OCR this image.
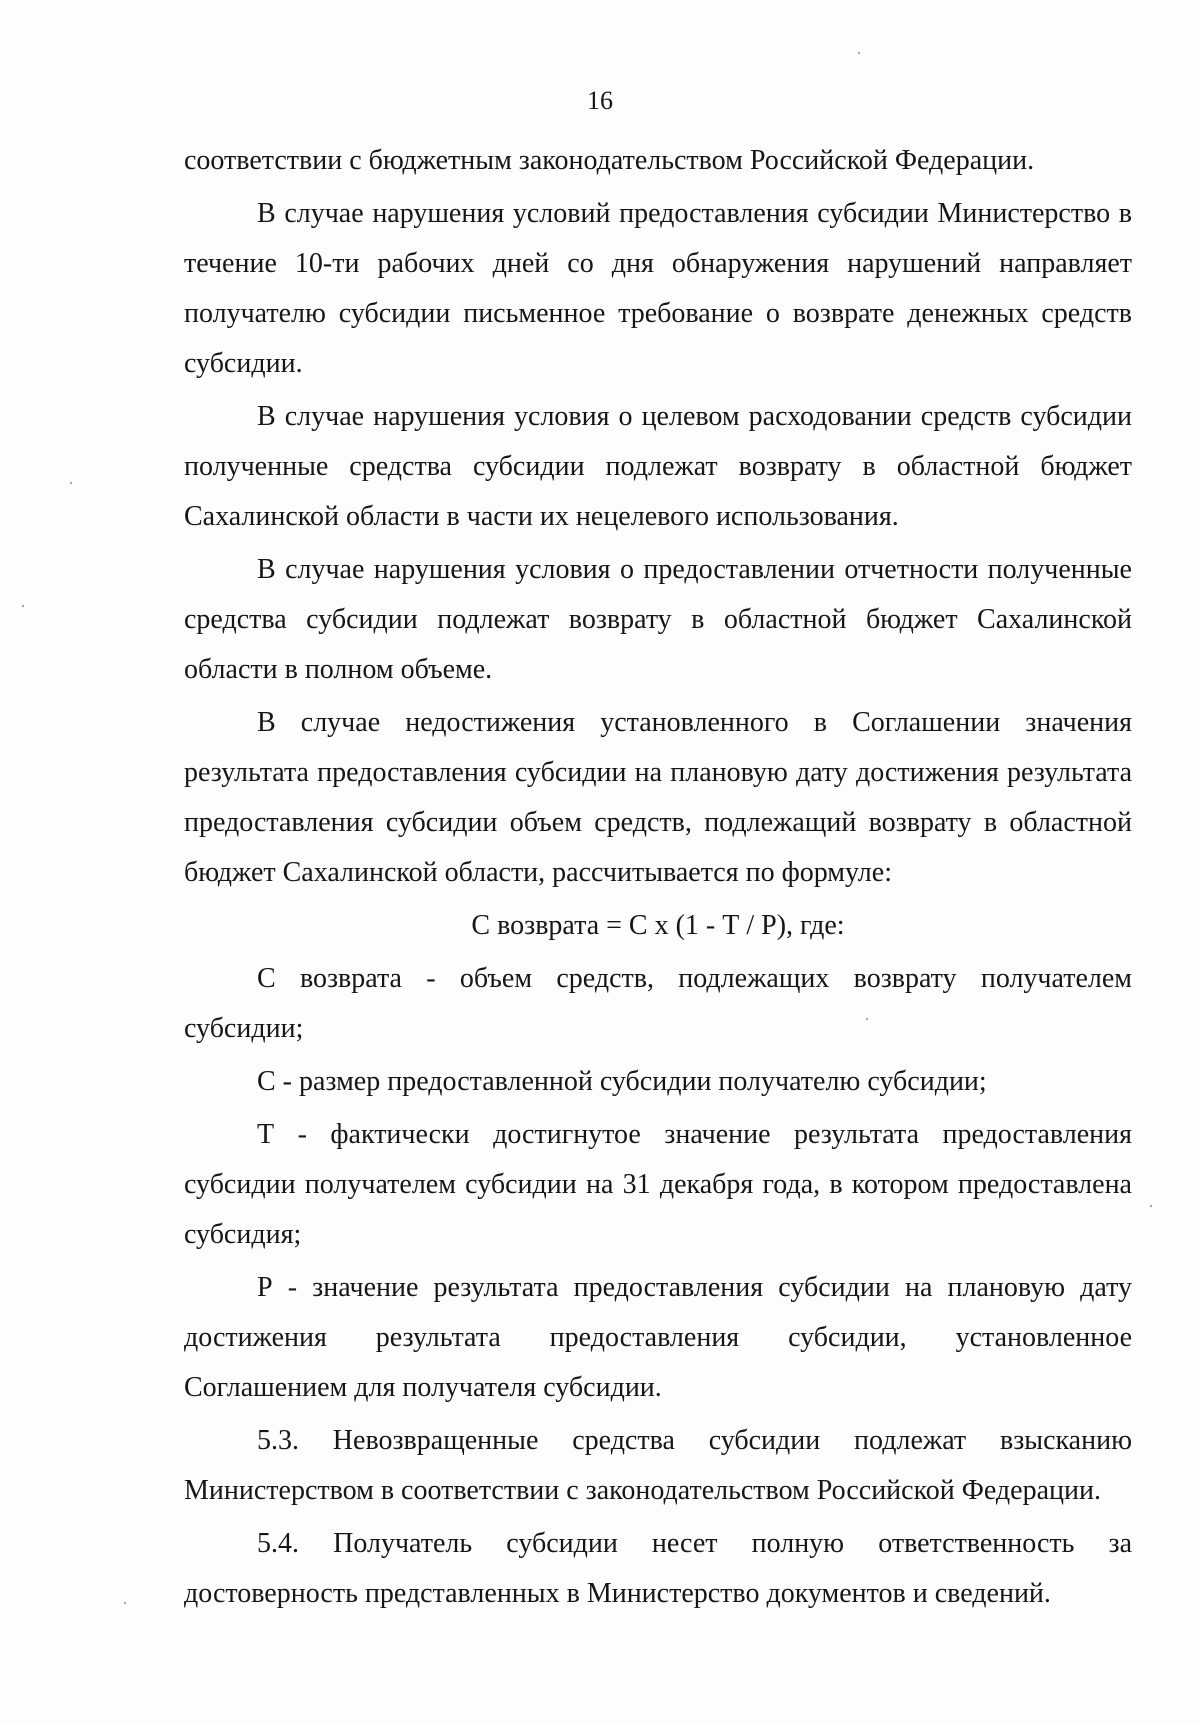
16

соответствии с бюджетным законодательством Российской Федерации.

В случае нарушения условий предоставления субсидии Министерство в течение 10-ти рабочих дней со дня обнаружения нарушений направляет получателю субсидии письменное требование о возврате денежных средств субсидии.

В случае нарушения условия о целевом расходовании средств субсидии полученные средства субсидии подлежат возврату в областной бюджет Сахалинской области в части их нецелевого использования.

В случае нарушения условия о предоставлении отчетности полученные средства субсидии подлежат возврату в областной бюджет Сахалинской области в полном объеме.

В случае недостижения установленного в Соглашении значения результата предоставления субсидии на плановую дату достижения результата предоставления субсидии объем средств, подлежащий возврату в областной бюджет Сахалинской области, рассчитывается по формуле:

С возврата = С x (1 - Т / Р), где:

С возврата - объем средств, подлежащих возврату получателем субсидии;

С - размер предоставленной субсидии получателю субсидии;

Т - фактически достигнутое значение результата предоставления субсидии получателем субсидии на 31 декабря года, в котором предоставлена субсидия;

Р - значение результата предоставления субсидии на плановую дату достижения результата предоставления субсидии, установленное Соглашением для получателя субсидии.

5.3. Невозвращенные средства субсидии подлежат взысканию Министерством в соответствии с законодательством Российской Федерации.

5.4. Получатель субсидии несет полную ответственность за достоверность представленных в Министерство документов и сведений.
